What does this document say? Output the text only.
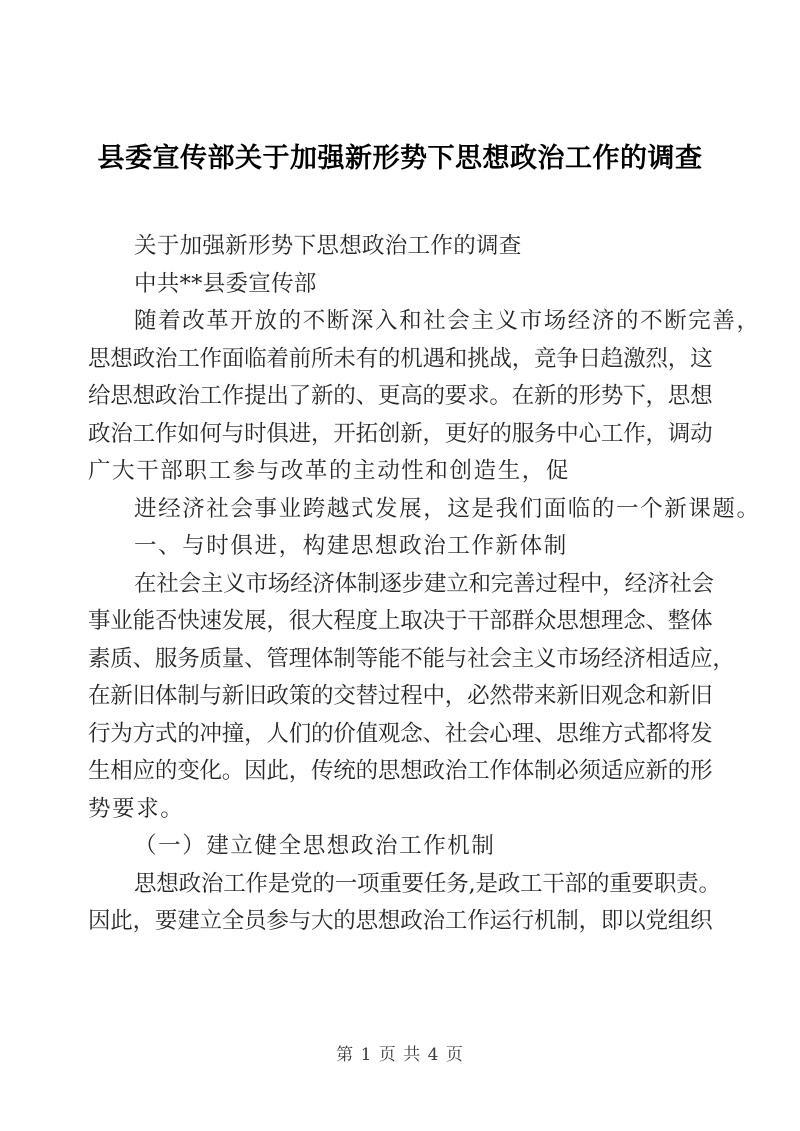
县委宣传部关于加强新形势下思想政治工作的调查
关于加强新形势下思想政治工作的调查
中共**县委宣传部
随着改革开放的不断深入和社会主义市场经济的不断完善，
思想政治工作面临着前所未有的机遇和挑战，竞争日趋激烈，这
给思想政治工作提出了新的、更高的要求。在新的形势下，思想
政治工作如何与时俱进，开拓创新，更好的服务中心工作，调动
广大干部职工参与改革的主动性和创造生，促
进经济社会事业跨越式发展，这是我们面临的一个新课题。
一、与时俱进，构建思想政治工作新体制
在社会主义市场经济体制逐步建立和完善过程中，经济社会
事业能否快速发展，很大程度上取决于干部群众思想理念、整体
素质、服务质量、管理体制等能不能与社会主义市场经济相适应，
在新旧体制与新旧政策的交替过程中，必然带来新旧观念和新旧
行为方式的冲撞，人们的价值观念、社会心理、思维方式都将发
生相应的变化。因此，传统的思想政治工作体制必须适应新的形
势要求。
（一）建立健全思想政治工作机制
思想政治工作是党的一项重要任务,是政工干部的重要职责。
因此，要建立全员参与大的思想政治工作运行机制，即以党组织
第 1 页 共 4 页
